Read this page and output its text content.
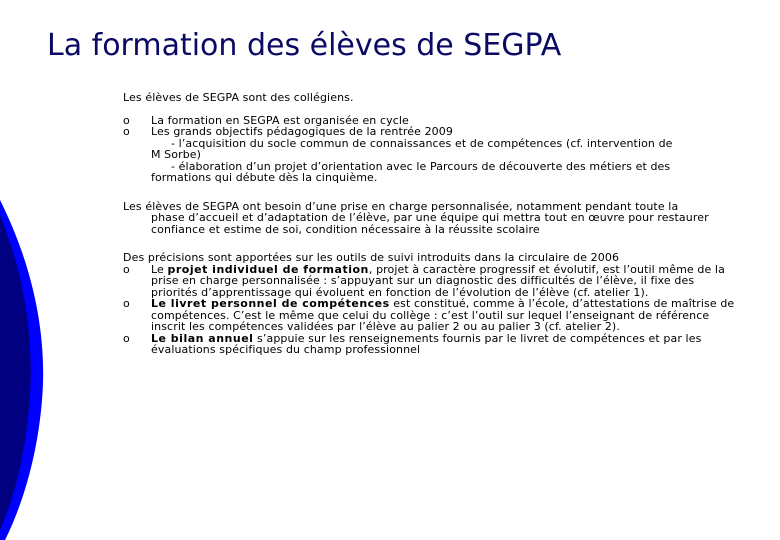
La formation des élèves de SEGPA

Les élèves de SEGPA sont des collégiens.

o La formation en SEGPA est organisée en cycle
o Les grands objectifs pédagogiques de la rentrée 2009

- l’acquisition du socle commun de connaissances et de compétences (cf. intervention de

M Sorbe)

- élaboration d’un projet d’orientation avec le Parcours de découverte des métiers et des

formations qui débute dès la cinquième.

Les élèves de SEGPA ont besoin d’une prise en charge personnalisée, notamment pendant toute la

phase d’accueil et d’adaptation de l’élève, par une équipe qui mettra tout en œuvre pour restaurer confiance et estime de soi, condition nécessaire à la réussite scolaire

Des précisions sont apportées sur les outils de suivi introduits dans la circulaire de 2006

o Le projet individuel de formation, projet à caractère progressif et évolutif, est l’outil même de la prise en charge personnalisée : s’appuyant sur un diagnostic des difficultés de l’élève, il fixe des priorités d’apprentissage qui évoluent en fonction de l’évolution de l’élève (cf. atelier 1).
o Le livret personnel de compétences est constitué, comme à l’école, d’attestations de maîtrise de compétences. C’est le même que celui du collège : c’est l’outil sur lequel l’enseignant de référence inscrit les compétences validées par l’élève au palier 2 ou au palier 3 (cf. atelier 2).
o Le bilan annuel s’appuie sur les renseignements fournis par le livret de compétences et par les évaluations spécifiques du champ professionnel
